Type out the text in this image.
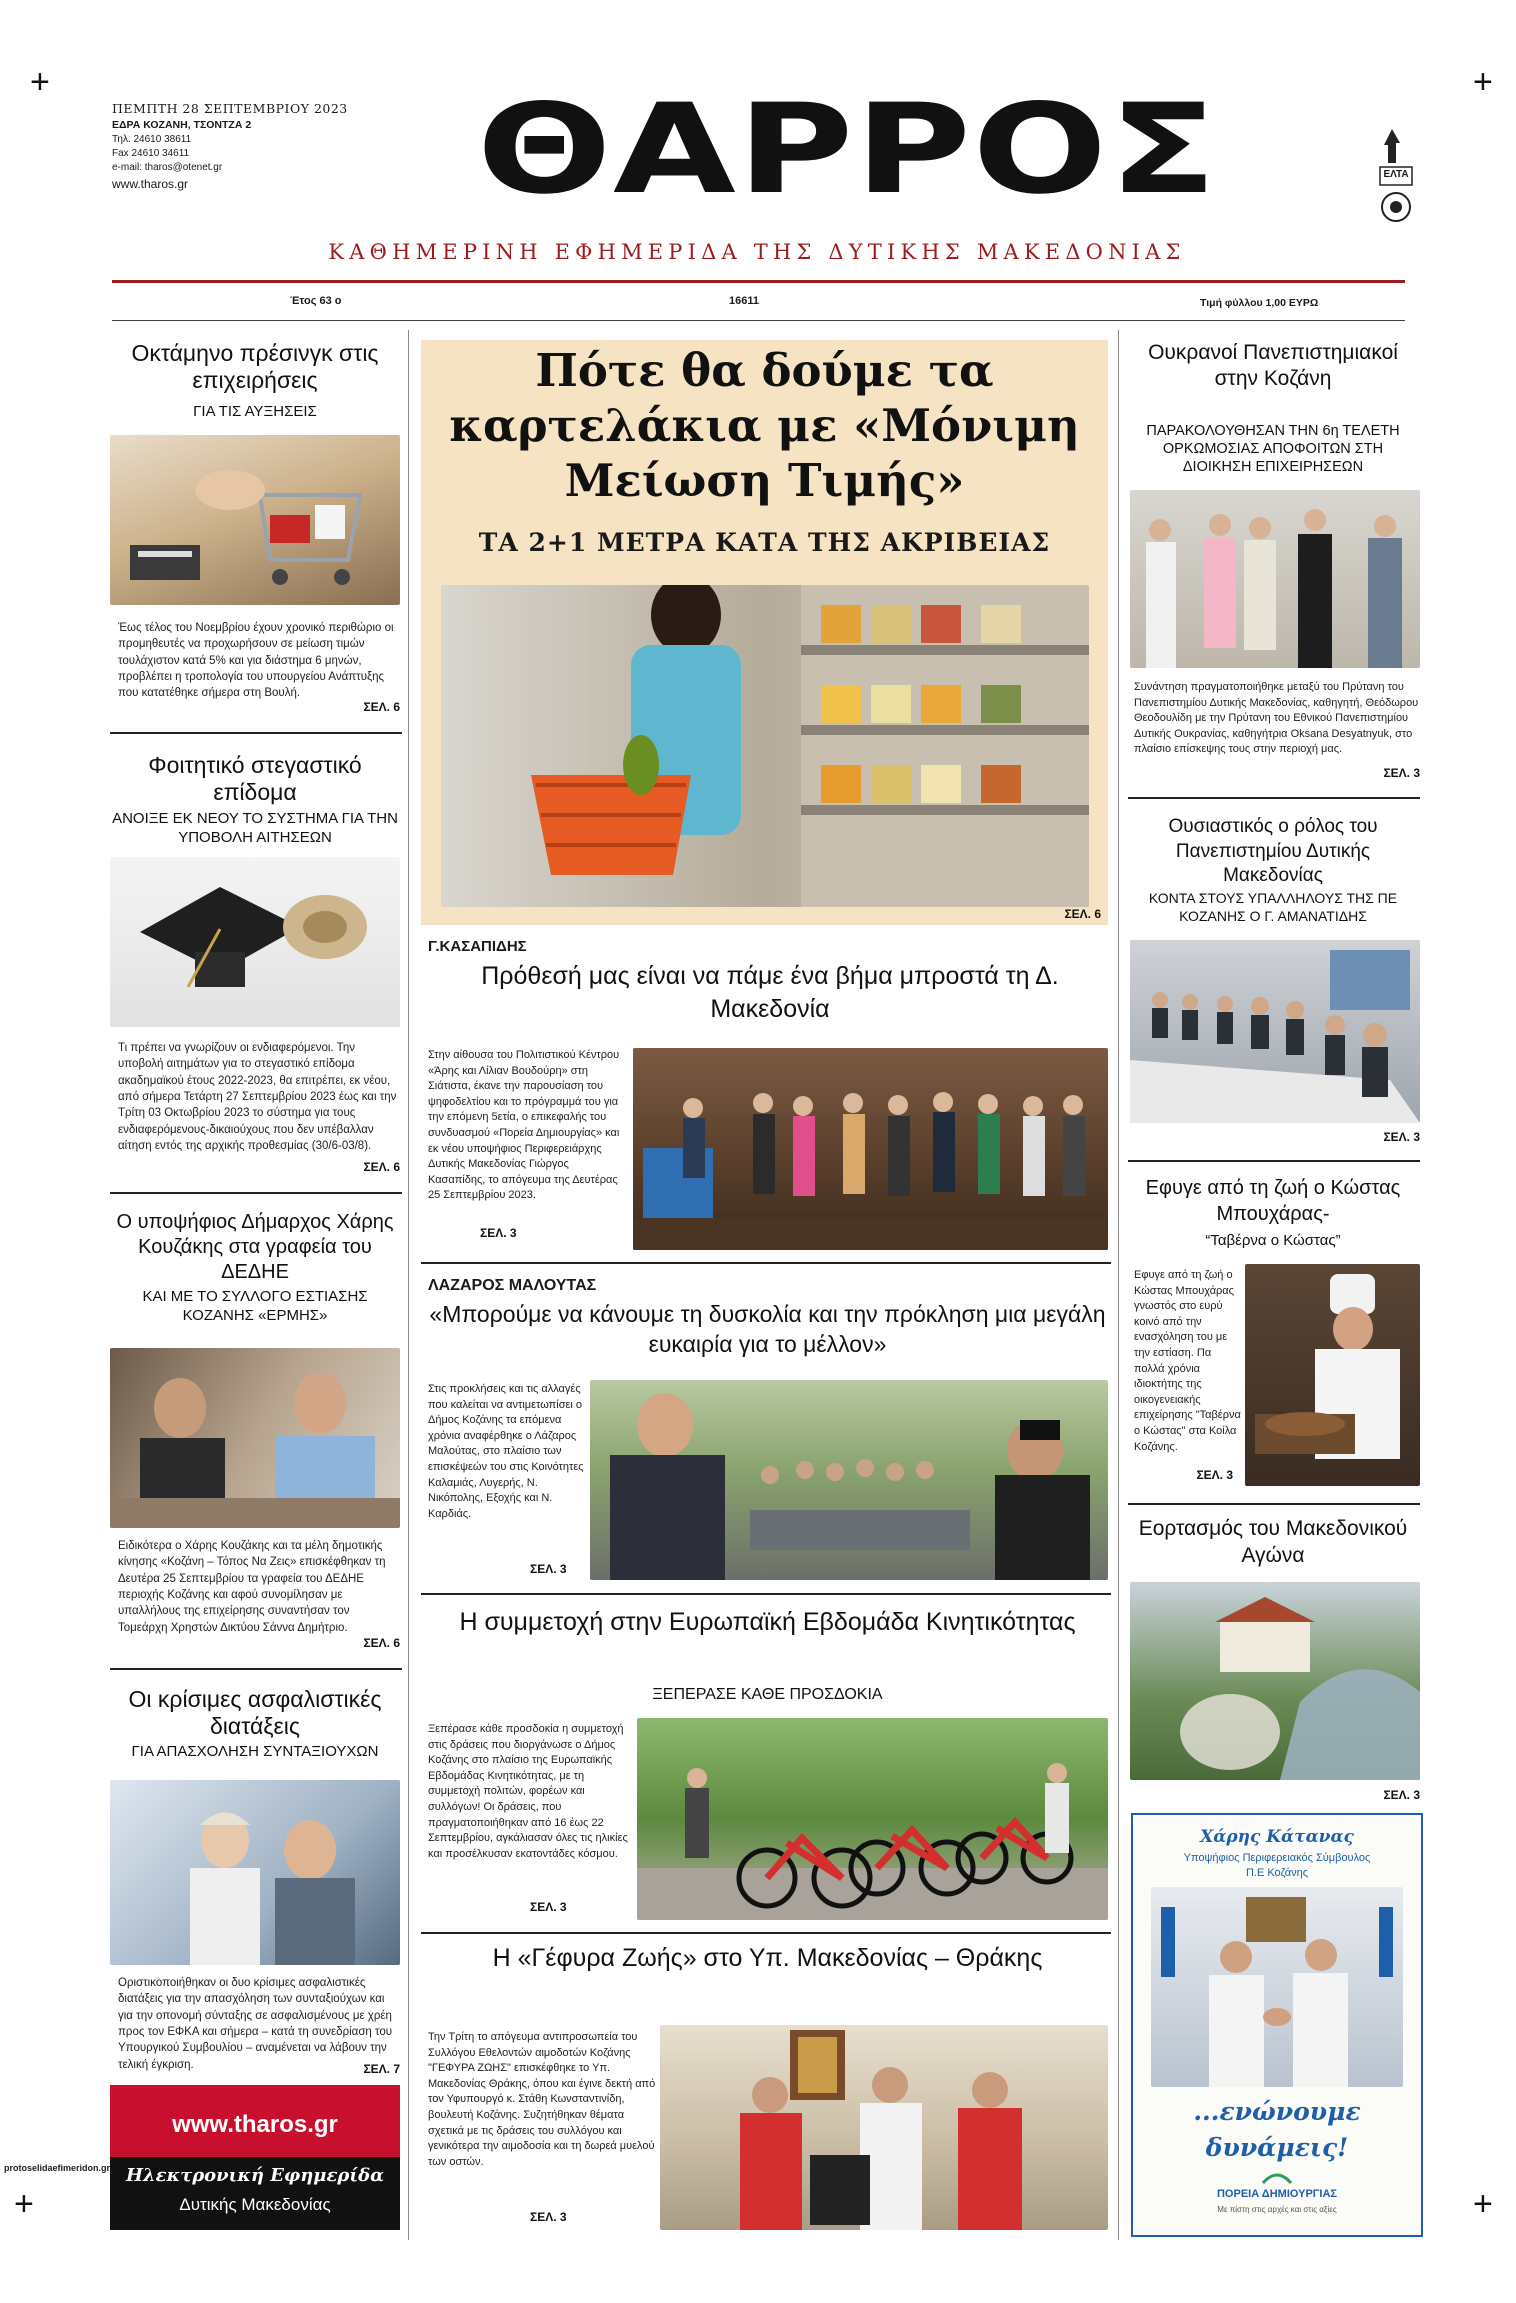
+	+
+	+
ΠΕΜΠΤΗ 28 ΣΕΠΤΕΜΒΡΙΟΥ 2023
ΕΔΡΑ ΚΟΖΑΝΗ, ΤΣΟΝΤΖΑ 2
Τηλ. 24610 38611
Fax 24610 34611
e-mail: tharos@otenet.gr
www.tharos.gr	ΘΑΡΡΟΣ	ΕΛΤΑ
ΚΑΘΗΜΕΡΙΝΗ ΕΦΗΜΕΡΙΔΑ ΤΗΣ ΔΥΤΙΚΗΣ ΜΑΚΕΔΟΝΙΑΣ
Έτος 63 ο	16611	Τιμή φύλλου 1,00 ΕΥΡΩ
Οκτάμηνο πρέσινγκ στις επιχειρήσεις
ΓΙΑ ΤΙΣ ΑΥΞΗΣΕΙΣ
Έως τέλος του Νοεμβρίου έχουν χρονικό περιθώριο οι προμηθευτές να προχωρήσουν σε μείωση τιμών τουλάχιστον κατά 5% και για διάστημα 6 μηνών, προβλέπει η τροπολογία του υπουργείου Ανάπτυξης που κατατέθηκε σήμερα στη Βουλή.
ΣΕΛ. 6
Φοιτητικό στεγαστικό επίδομα
ΑΝΟΙΞΕ ΕΚ ΝΕΟΥ ΤΟ ΣΥΣΤΗΜΑ ΓΙΑ ΤΗΝ ΥΠΟΒΟΛΗ ΑΙΤΗΣΕΩΝ
Τι πρέπει να γνωρίζουν οι ενδιαφερόμενοι. Την υποβολή αιτημάτων για το στεγαστικό επίδομα ακαδημαϊκού έτους 2022-2023, θα επιτρέπει, εκ νέου, από σήμερα Τετάρτη 27 Σεπτεμβρίου 2023 έως και την Τρίτη 03 Οκτωβρίου 2023 το σύστημα για τους ενδιαφερόμενους-δικαιούχους που δεν υπέβαλλαν αίτηση εντός της αρχικής προθεσμίας (30/6-03/8).
ΣΕΛ. 6
Ο υποψήφιος Δήμαρχος Χάρης Κουζάκης στα γραφεία του ΔΕΔΗΕ
ΚΑΙ ΜΕ ΤΟ ΣΥΛΛΟΓΟ ΕΣΤΙΑΣΗΣ ΚΟΖΑΝΗΣ «ΕΡΜΗΣ»
Ειδικότερα ο Χάρης Κουζάκης και τα μέλη δημοτικής κίνησης «Κοζάνη – Τόπος Να Ζεις» επισκέφθηκαν τη Δευτέρα 25 Σεπτεμβρίου τα γραφεία του ΔΕΔΗΕ περιοχής Κοζάνης και αφού συνομίλησαν με υπαλλήλους της επιχείρησης συναντήσαν τον Τομεάρχη Χρηστών Δικτύου Σάννα Δημήτριο.
ΣΕΛ. 6
Οι κρίσιμες ασφαλιστικές διατάξεις
ΓΙΑ ΑΠΑΣΧΟΛΗΣΗ ΣΥΝΤΑΞΙΟΥΧΩΝ
Οριστικοποιήθηκαν οι δυο κρίσιμες ασφαλιστικές διατάξεις για την απασχόληση των συνταξιούχων και για την οπονομή σύνταξης σε ασφαλισμένους με χρέη προς τον ΕΦΚΑ και σήμερα – κατά τη συνεδρίαση του Υπουργικού Συμβουλίου – αναμένεται να λάβουν την τελική έγκριση.	ΣΕΛ. 7
www.tharos.gr
Ηλεκτρονική Εφημερίδα
Δυτικής Μακεδονίας
protoselidaefimeridon.gr
Πότε θα δούμε τα καρτελάκια με «Μόνιμη Μείωση Τιμής»
ΤΑ 2+1 ΜΕΤΡΑ ΚΑΤΑ ΤΗΣ ΑΚΡΙΒΕΙΑΣ
ΣΕΛ. 6
Γ.ΚΑΣΑΠΙΔΗΣ
Πρόθεσή μας είναι να πάμε ένα βήμα μπροστά τη Δ. Μακεδονία
Στην αίθουσα του Πολιτιστικού Κέντρου «Άρης και Λίλιαν Βουδούρη» στη Σιάτιστα, έκανε την παρουσίαση του ψηφοδελτίου και το πρόγραμμά του για την επόμενη 5ετία, ο επικεφαλής του συνδυασμού «Πορεία Δημιουργίας» και εκ νέου υποψήφιος Περιφερειάρχης Δυτικής Μακεδονίας Γιώργος Κασαπίδης, το απόγευμα της Δευτέρας 25 Σεπτεμβρίου 2023.
ΣΕΛ. 3
ΛΑΖΑΡΟΣ ΜΑΛΟΥΤΑΣ
«Μπορούμε να κάνουμε τη δυσκολία και την πρόκληση μια μεγάλη ευκαιρία για το μέλλον»
Στις προκλήσεις και τις αλλαγές που καλείται να αντιμετωπίσει ο Δήμος Κοζάνης τα επόμενα χρόνια αναφέρθηκε ο Λάζαρος Μαλούτας, στο πλαίσιο των επισκέψεών του στις Κοινότητες Καλαμιάς, Λυγερής, Ν. Νικόπολης, Εξοχής και Ν. Καρδιάς.
ΣΕΛ. 3
Η συμμετοχή στην Ευρωπαϊκή Εβδομάδα Κινητικότητας
ΞΕΠΕΡΑΣΕ ΚΑΘΕ ΠΡΟΣΔΟΚΙΑ
Ξεπέρασε κάθε προσδοκία η συμμετοχή στις δράσεις που διοργάνωσε ο Δήμος Κοζάνης στο πλαίσιο της Ευρωπαϊκής Εβδομάδας Κινητικότητας, με τη συμμετοχή πολιτών, φορέων και συλλόγων! Οι δράσεις, που πραγματοποιήθηκαν από 16 έως 22 Σεπτεμβρίου, αγκάλιασαν όλες τις ηλικίες και προσέλκυσαν εκατοντάδες κόσμου.
ΣΕΛ. 3
Η «Γέφυρα Ζωής» στο Υπ. Μακεδονίας – Θράκης
Την Τρίτη το απόγευμα αντιπροσωπεία του Συλλόγου Εθελοντών αιμοδοτών Κοζάνης "ΓΕΦΥΡΑ ΖΩΗΣ" επισκέφθηκε το Υπ. Μακεδονίας Θράκης, όπου και έγινε δεκτή από τον Υφυπουργό κ. Στάθη Κωνσταντινίδη, βουλευτή Κοζάνης. Συζητήθηκαν θέματα σχετικά με τις δράσεις του συλλόγου και γενικότερα την αιμοδοσία και τη δωρεά μυελού των οστών.
ΣΕΛ. 3
Ουκρανοί Πανεπιστημιακοί στην Κοζάνη
ΠΑΡΑΚΟΛΟΥΘΗΣΑΝ ΤΗΝ 6η ΤΕΛΕΤΗ ΟΡΚΩΜΟΣΙΑΣ ΑΠΟΦΟΙΤΩΝ ΣΤΗ ΔΙΟΙΚΗΣΗ ΕΠΙΧΕΙΡΗΣΕΩΝ
Συνάντηση πραγματοποιήθηκε μεταξύ του Πρύτανη του Πανεπιστημίου Δυτικής Μακεδονίας, καθηγητή, Θεόδωρου Θεοδουλίδη με την Πρύτανη του Εθνικού Πανεπιστημίου Δυτικής Ουκρανίας, καθηγήτρια Oksana Desyatnyuk, στο πλαίσιο επίσκεψης τους στην περιοχή μας.
ΣΕΛ. 3
Ουσιαστικός ο ρόλος του Πανεπιστημίου Δυτικής Μακεδονίας
ΚΟΝΤΑ ΣΤΟΥΣ ΥΠΑΛΛΗΛΟΥΣ ΤΗΣ ΠΕ ΚΟΖΑΝΗΣ Ο Γ. ΑΜΑΝΑΤΙΔΗΣ
ΣΕΛ. 3
Εφυγε από τη ζωή ο Κώστας Μπουχάρας-
“Ταβέρνα ο Κώστας”
Εφυγε από τη ζωή ο Κώστας Μπουχάρας γνωστός στο ευρύ κοινό από την ενασχόληση του με την εστίαση. Πα πολλά χρόνια ιδιοκτήτης της οικογενειακής επιχείρησης "Ταβέρνα ο Κώστας" στα Κοίλα Κοζάνης.
ΣΕΛ. 3
Εορτασμός του Μακεδονικού Αγώνα
ΣΕΛ. 3
Χάρης Κάτανας
Υποψήφιος Περιφερειακός Σύμβουλος
Π.Ε Κοζάνης
...ενώνουμε
δυνάμεις!
ΠΟΡΕΙΑ ΔΗΜΙΟΥΡΓΙΑΣ
Με πίστη στις αρχές και στις αξίες
